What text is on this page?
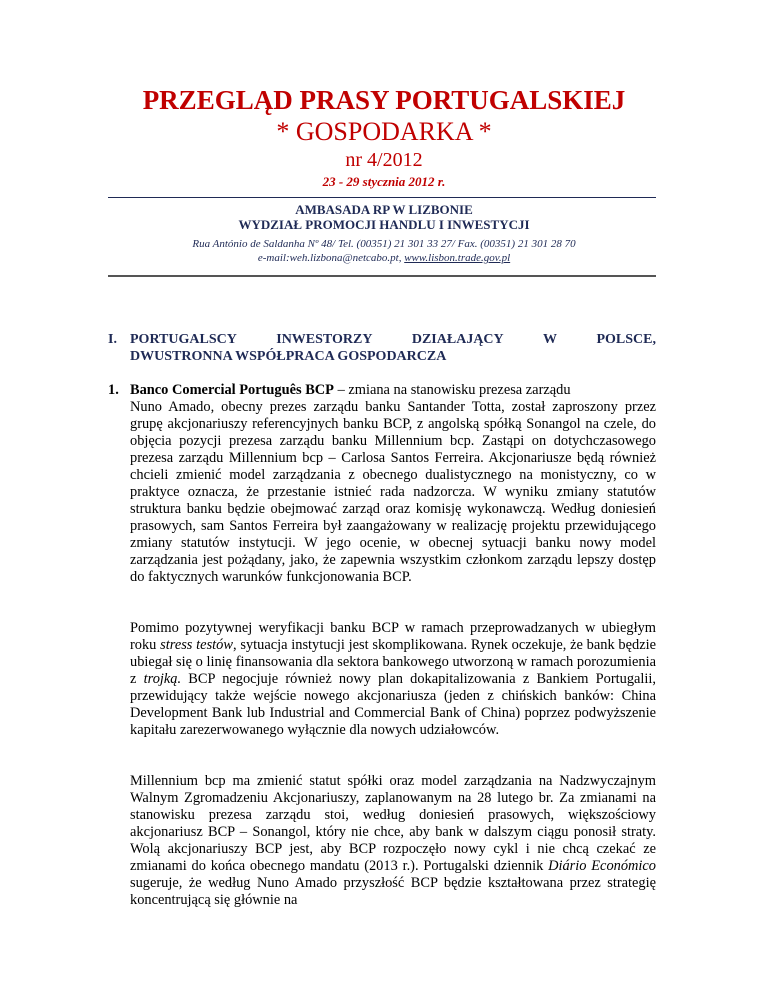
PRZEGLĄD PRASY PORTUGALSKIEJ
* GOSPODARKA *
nr 4/2012
23 - 29 stycznia 2012 r.
AMBASADA RP W LIZBONIE
WYDZIAŁ PROMOCJI HANDLU I INWESTYCJI
Rua António de Saldanha Nº 48/ Tel. (00351) 21 301 33 27/ Fax. (00351) 21 301 28 70
e-mail:weh.lizbona@netcabo.pt, www.lisbon.trade.gov.pl
I. PORTUGALSCY	INWESTORZY	DZIAŁAJĄCY	W	POLSCE,
DWUSTRONNA WSPÓŁPRACA GOSPODARCZA
1. Banco Comercial Português BCP – zmiana na stanowisku prezesa zarządu

Nuno Amado, obecny prezes zarządu banku Santander Totta, został zaproszony przez grupę akcjonariuszy referencyjnych banku BCP, z angolską spółką Sonangol na czele, do objęcia pozycji prezesa zarządu banku Millennium bcp. Zastąpi on dotychczasowego prezesa zarządu Millennium bcp – Carlosa Santos Ferreira. Akcjonariusze będą również chcieli zmienić model zarządzania z obecnego dualistycznego na monistyczny, co w praktyce oznacza, że przestanie istnieć rada nadzorcza. W wyniku zmiany statutów struktura banku będzie obejmować zarząd oraz komisję wykonawczą. Według doniesień prasowych, sam Santos Ferreira był zaangażowany w realizację projektu przewidującego zmiany statutów instytucji. W jego ocenie, w obecnej sytuacji banku nowy model zarządzania jest pożądany, jako, że zapewnia wszystkim członkom zarządu lepszy dostęp do faktycznych warunków funkcjonowania BCP.

Pomimo pozytywnej weryfikacji banku BCP w ramach przeprowadzanych w ubiegłym roku stress testów, sytuacja instytucji jest skomplikowana. Rynek oczekuje, że bank będzie ubiegał się o linię finansowania dla sektora bankowego utworzoną w ramach porozumienia z trojką. BCP negocjuje również nowy plan dokapitalizowania z Bankiem Portugalii, przewidujący także wejście nowego akcjonariusza (jeden z chińskich banków: China Development Bank lub Industrial and Commercial Bank of China) poprzez podwyższenie kapitału zarezerwowanego wyłącznie dla nowych udziałowców.

Millennium bcp ma zmienić statut spółki oraz model zarządzania na Nadzwyczajnym Walnym Zgromadzeniu Akcjonariuszy, zaplanowanym na 28 lutego br. Za zmianami na stanowisku prezesa zarządu stoi, według doniesień prasowych, większościowy akcjonariusz BCP – Sonangol, który nie chce, aby bank w dalszym ciągu ponosił straty. Wolą akcjonariuszy BCP jest, aby BCP rozpoczęło nowy cykl i nie chcą czekać ze zmianami do końca obecnego mandatu (2013 r.). Portugalski dziennik Diário Económico sugeruje, że według Nuno Amado przyszłość BCP będzie kształtowana przez strategię koncentrującą się głównie na
